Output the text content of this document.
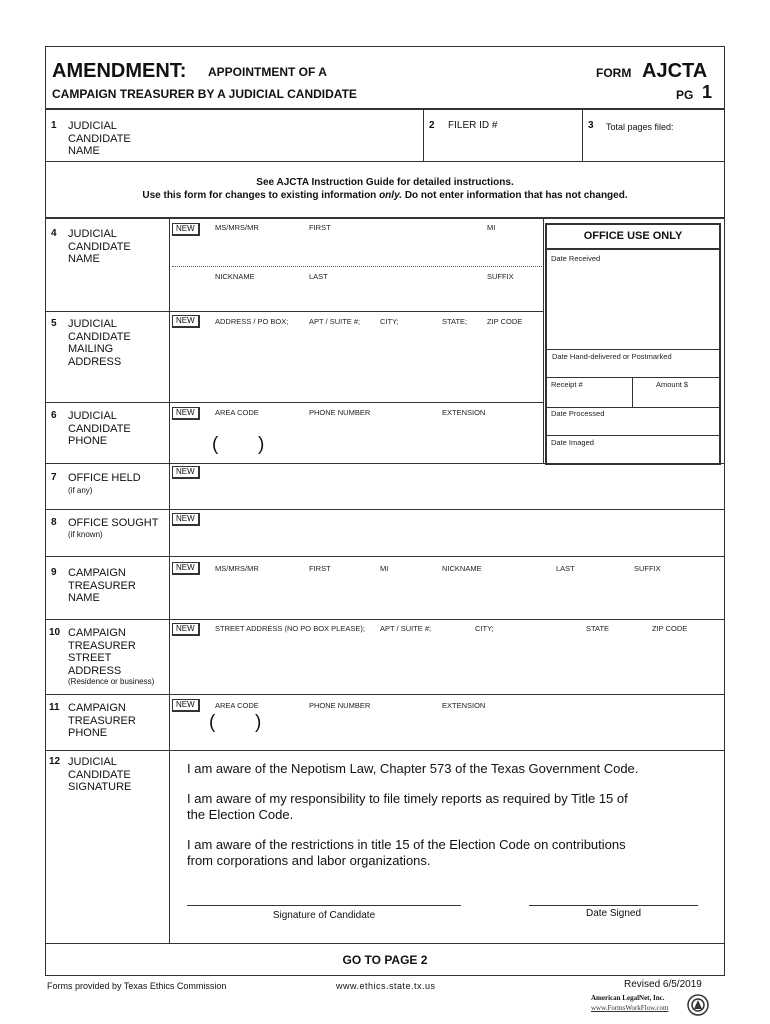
AMENDMENT: APPOINTMENT OF A
CAMPAIGN TREASURER BY A JUDICIAL CANDIDATE
FORM AJCTA
PG 1
1 JUDICIAL
CANDIDATE
NAME
2 FILER ID #	3 Total pages filed:
See AJCTA Instruction Guide for detailed instructions.
Use this form for changes to existing information only. Do not enter information that has not changed.
4 JUDICIAL
CANDIDATE
NAME
NEW	MS/MRS/MR	FIRST	MI
NICKNAME	LAST	SUFFIX
5 JUDICIAL
CANDIDATE
MAILING
ADDRESS
NEW	ADDRESS / PO BOX;	APT / SUITE #;	CITY;	STATE;	ZIP CODE
6 JUDICIAL
CANDIDATE
PHONE
NEW	AREA CODE	PHONE NUMBER	EXTENSION
( )
OFFICE USE ONLY
Date Received
Date Hand-delivered or Postmarked
Receipt #	Amount $
Date Processed
Date Imaged
7 OFFICE HELD
(if any)
NEW
8 OFFICE SOUGHT
(if known)
NEW
9 CAMPAIGN
TREASURER
NAME
NEW	MS/MRS/MR	FIRST	MI	NICKNAME	LAST	SUFFIX
10 CAMPAIGN
TREASURER
STREET
ADDRESS
(Residence or business)
NEW	STREET ADDRESS (NO PO BOX PLEASE); APT / SUITE #;	CITY;	STATE	ZIP CODE
11 CAMPAIGN
TREASURER
PHONE
NEW	AREA CODE	PHONE NUMBER	EXTENSION
( )
12 JUDICIAL
CANDIDATE
SIGNATURE
I am aware of the Nepotism Law, Chapter 573 of the Texas Government Code.
I am aware of my responsibility to file timely reports as required by Title 15 of
the Election Code.
I am aware of the restrictions in title 15 of the Election Code on contributions
from corporations and labor organizations.
Signature of Candidate	Date Signed
GO TO PAGE 2
Forms provided by Texas Ethics Commission	www.ethics.state.tx.us	Revised 6/5/2019
American LegalNet, Inc.
www.FormsWorkFlow.com
